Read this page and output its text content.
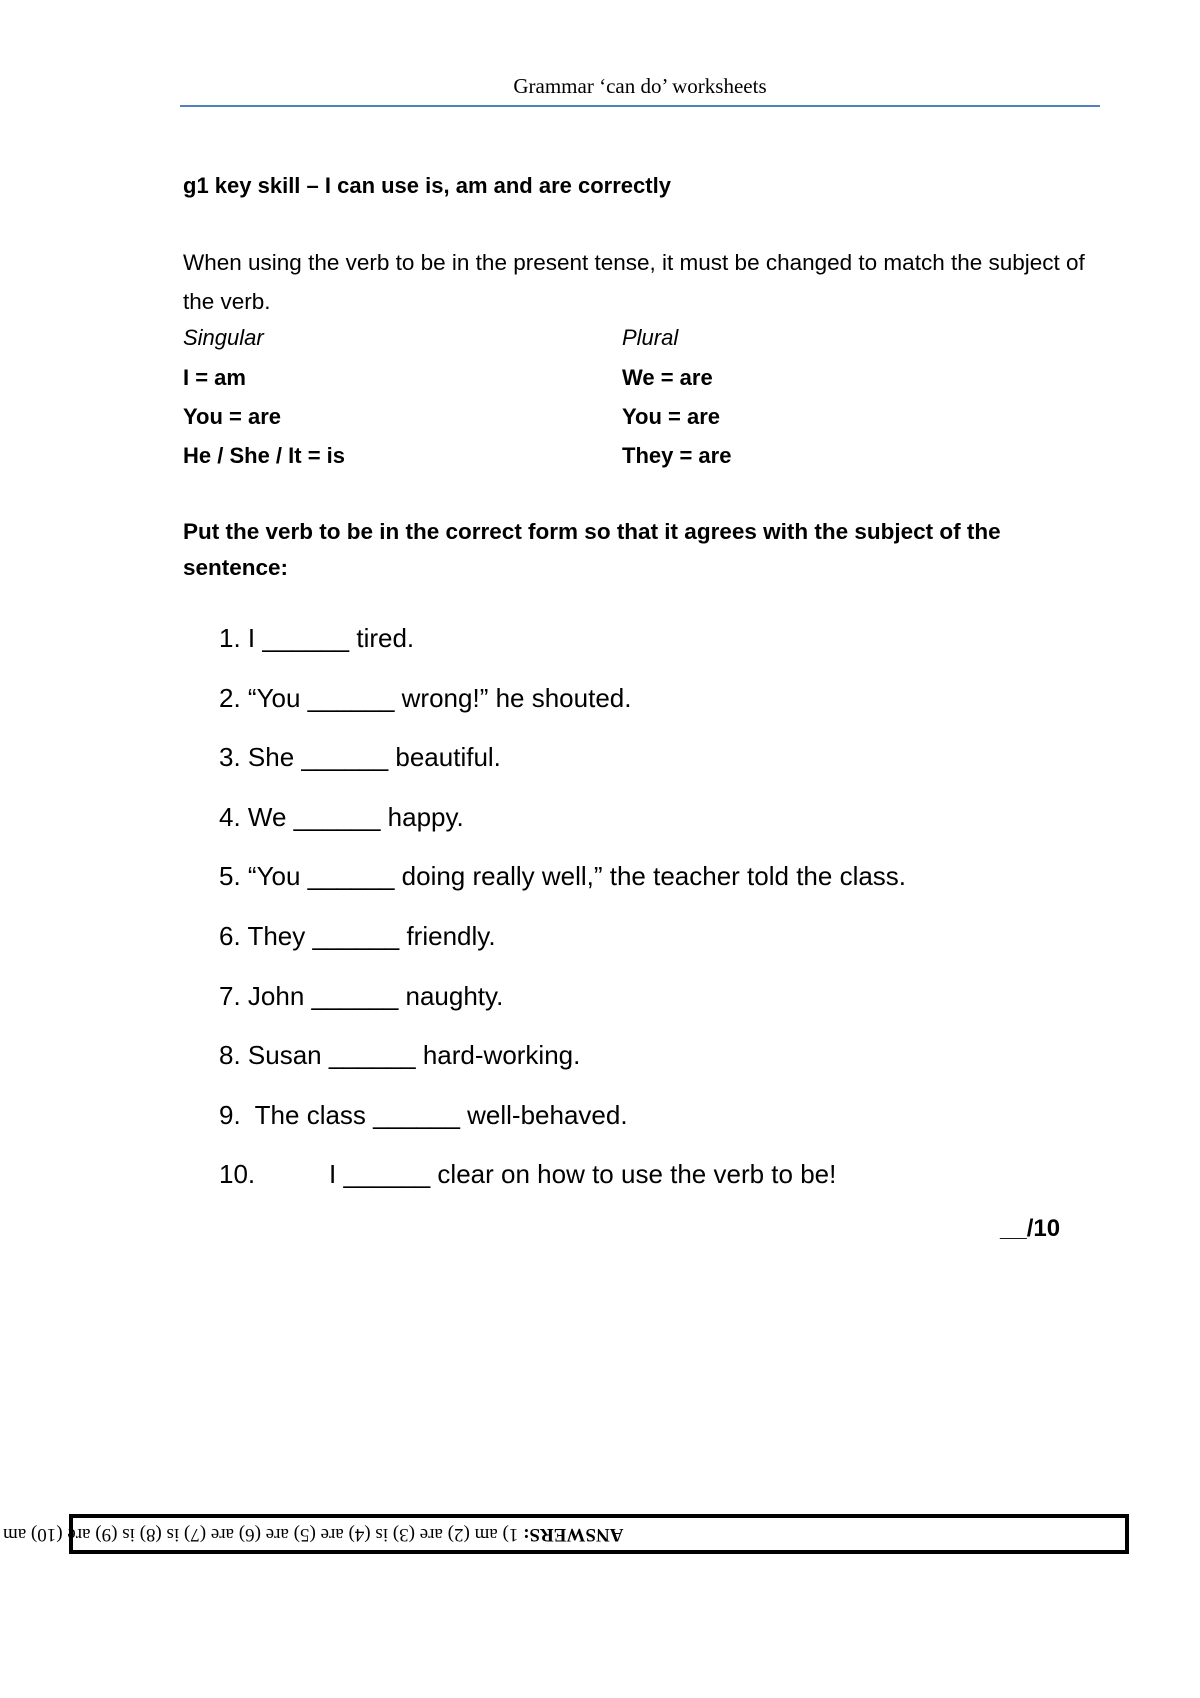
Grammar ‘can do’ worksheets
g1 key skill – I can use is, am and are correctly
When using the verb to be in the present tense, it must be changed to match the subject of the verb.
Singular
I = am
You = are
He / She / It = is
Plural
We = are
You = are
They = are
Put the verb to be in the correct form so that it agrees with the subject of the sentence:
1. I ______ tired.
2. “You ______ wrong!” he shouted.
3. She ______ beautiful.
4. We ______ happy.
5. “You ______ doing really well,” the teacher told the class.
6. They ______ friendly.
7. John ______ naughty.
8. Susan ______ hard-working.
9.  The class ______ well-behaved.
10.	I ______ clear on how to use the verb to be!
__/10
ANSWERS: 1) am (2) are (3) is (4) are (5) are (6) are (7) is (8) is (9) are (10) am
